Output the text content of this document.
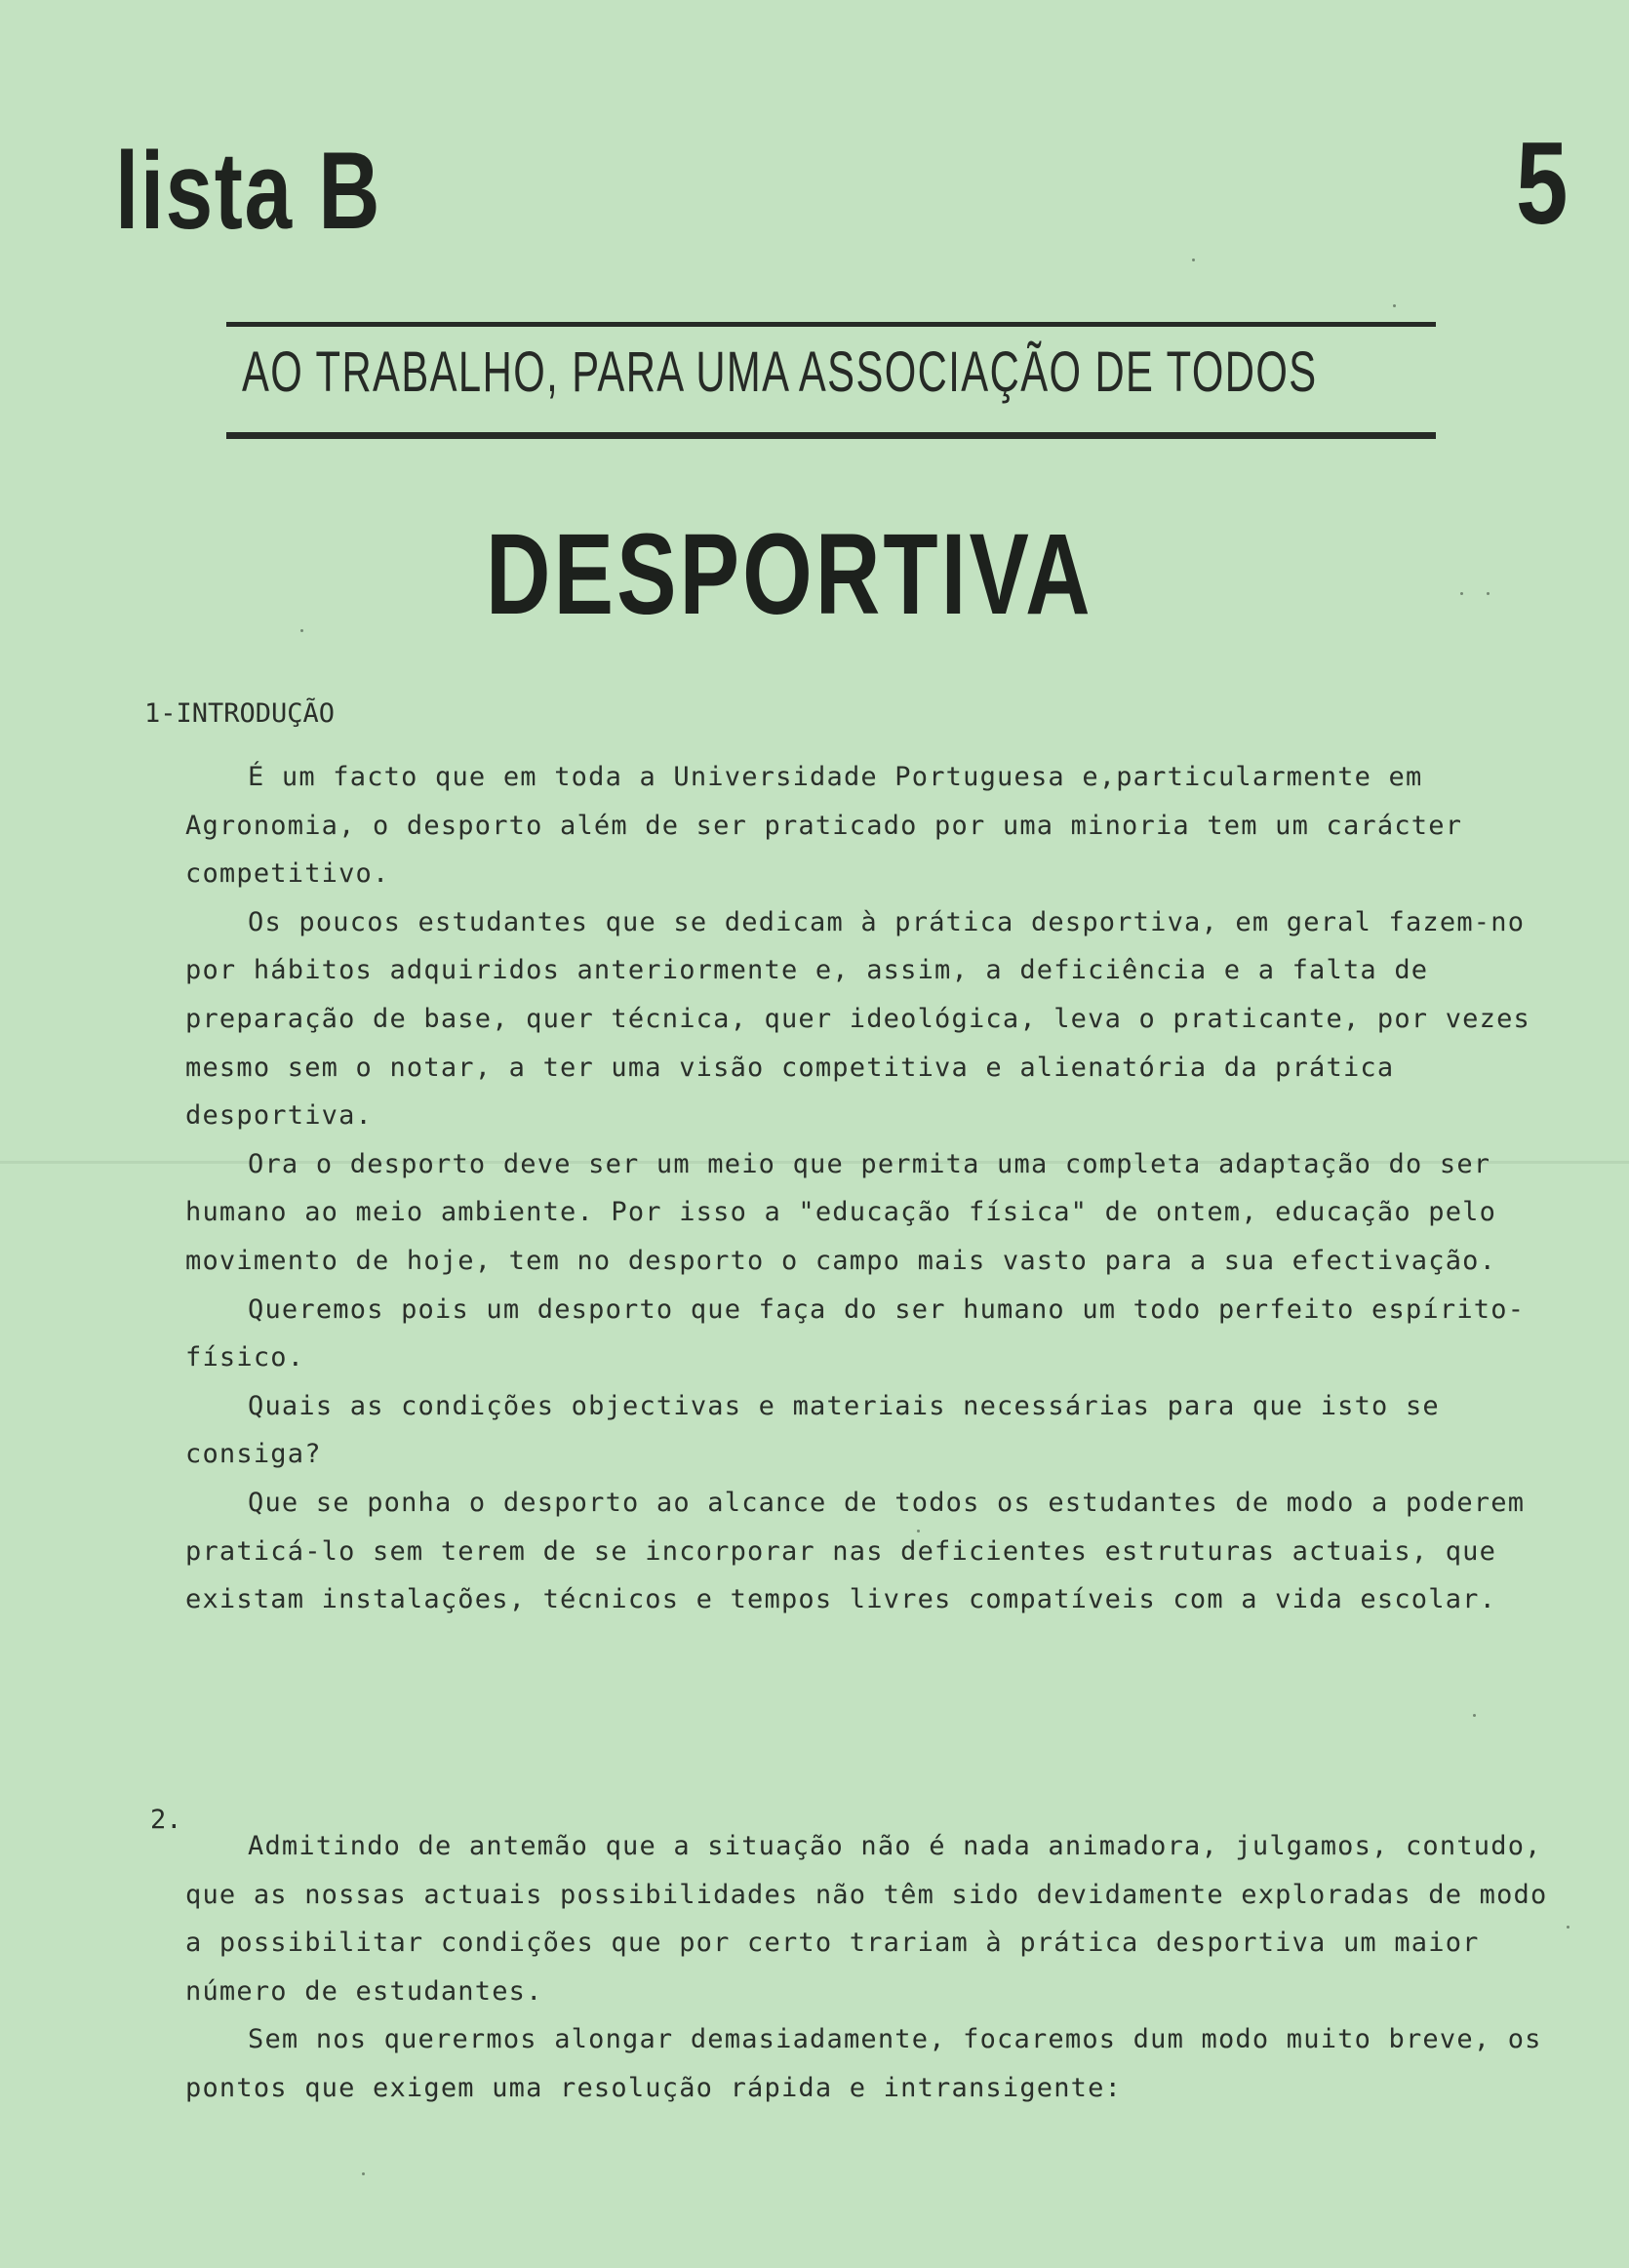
lista B	5
AO TRABALHO, PARA UMA ASSOCIAÇÃO DE TODOS
DESPORTIVA
1-INTRODUÇÃO

É um facto que em toda a Universidade Portuguesa e,particularmente em Agronomia, o desporto além de ser praticado por uma minoria tem um carácter competitivo.

Os poucos estudantes que se dedicam à prática desportiva, em geral fazem-no por hábitos adquiridos anteriormente e, assim, a deficiência e a falta de preparação de base, quer técnica, quer ideológica, leva o praticante, por vezes mesmo sem o notar, a ter uma visão competitiva e alienatória da prática desportiva.

Ora o desporto deve ser um meio que permita uma completa adaptação do ser humano ao meio ambiente. Por isso a "educação física" de ontem, educação pelo movimento de hoje, tem no desporto o campo mais vasto para a sua efectivação.

Queremos pois um desporto que faça do ser humano um todo perfeito espírito-físico.

Quais as condições objectivas e materiais necessárias para que isto se consiga?

Que se ponha o desporto ao alcance de todos os estudantes de modo a poderem praticá-lo sem terem de se incorporar nas deficientes estruturas actuais, que existam instalações, técnicos e tempos livres compatíveis com a vida escolar.

2.

Admitindo de antemão que a situação não é nada animadora, julgamos, contudo, que as nossas actuais possibilidades não têm sido devidamente exploradas de modo a possibilitar condições que por certo trariam à prática desportiva um maior número de estudantes.

Sem nos querermos alongar demasiadamente, focaremos dum modo muito breve, os pontos que exigem uma resolução rápida e intransigente:
